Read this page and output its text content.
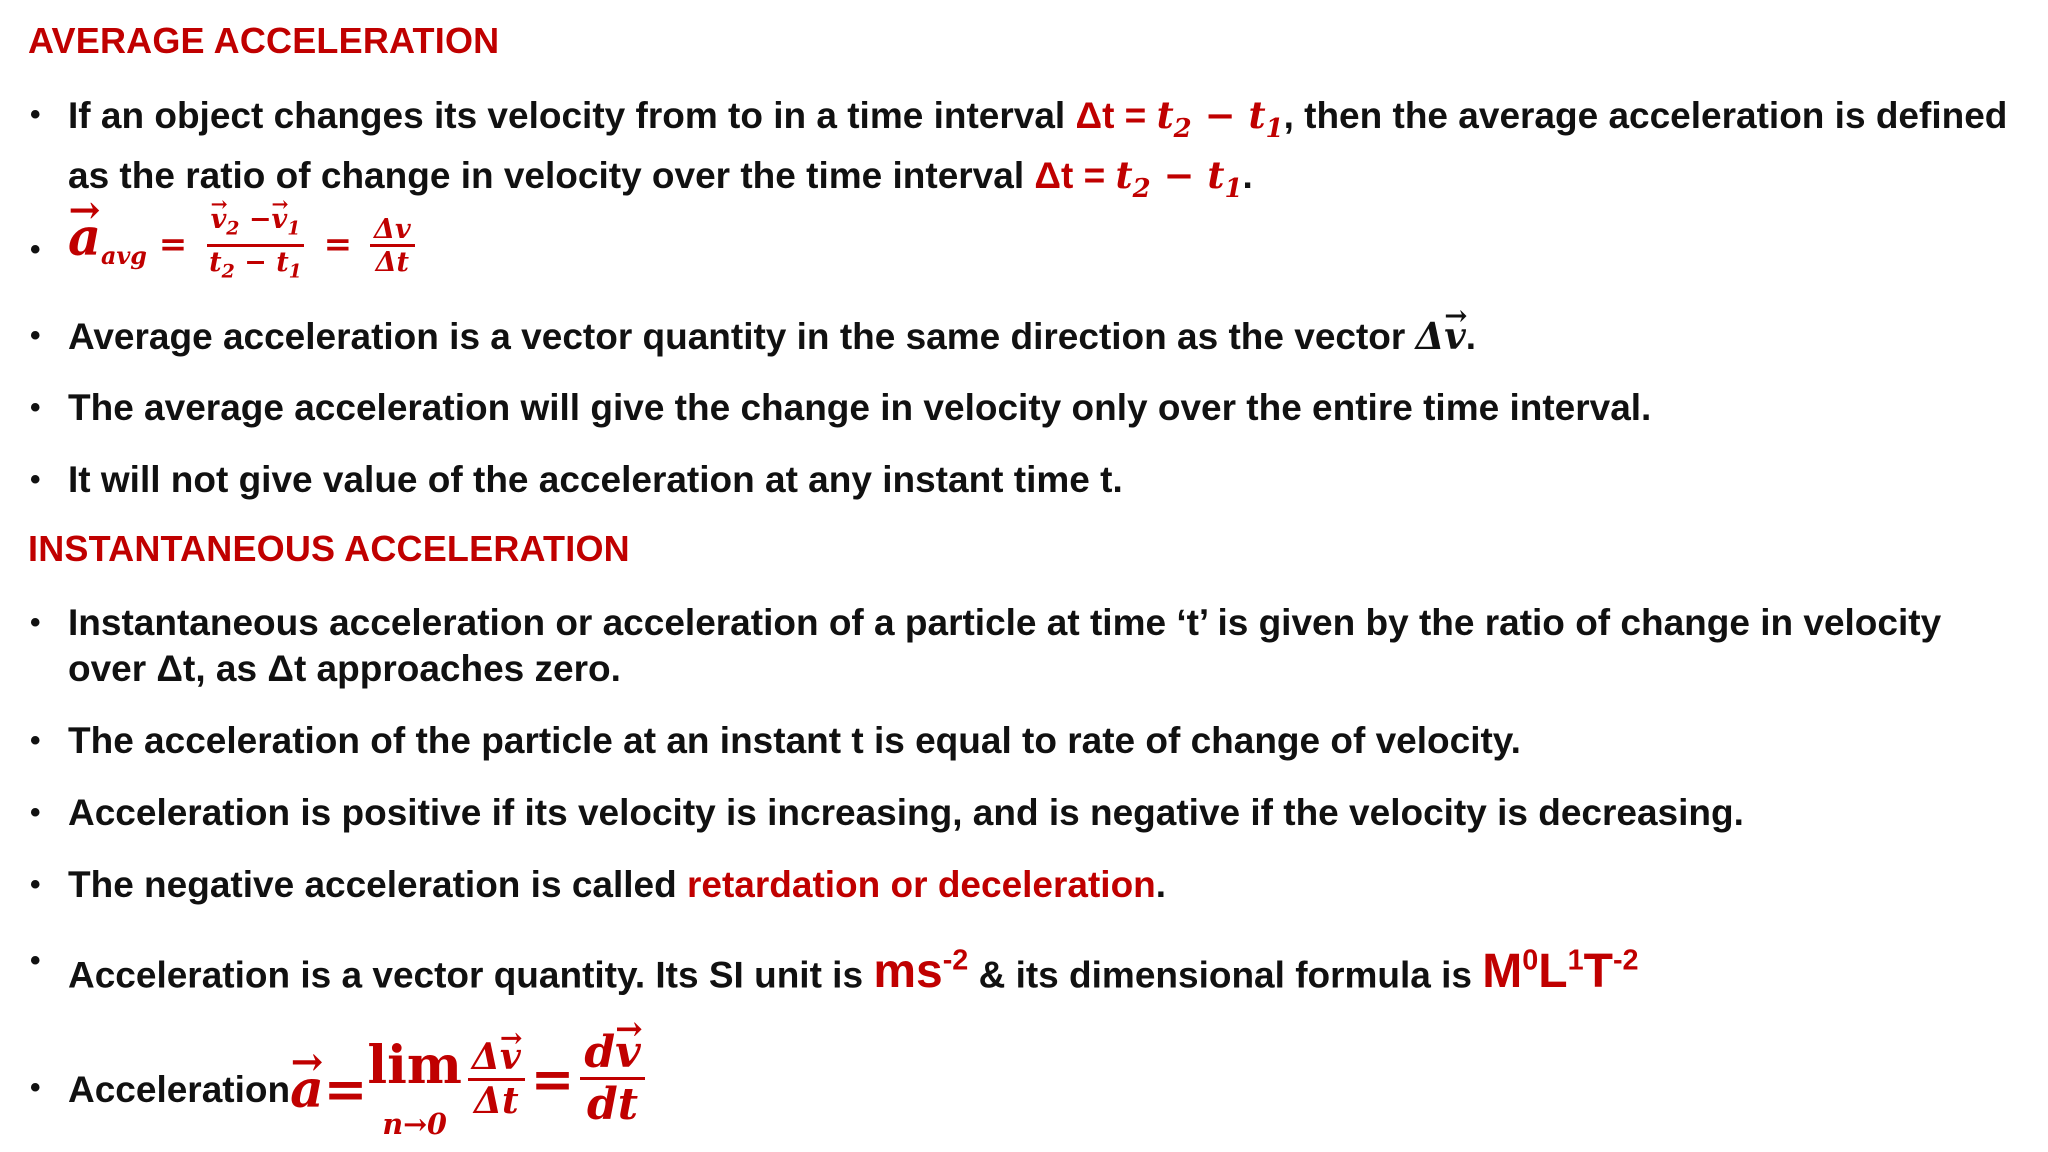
AVERAGE ACCELERATION
• If an object changes its velocity from to in a time interval $\Delta t = t_2 - t_1$, then the average acceleration is defined as the ratio of change in velocity over the time interval $\Delta t = t_2 - t_1$.
• → $a_{avg}$ = → $\frac{v_2 -\to v_1}{t_2 - t_1} = \frac{\Delta v}{\Delta t}$
• Average acceleration is a vector quantity in the same direction as the vector Δ→ v.
• The average acceleration will give the change in velocity only over the entire time interval.
• It will not give value of the acceleration at any instant time t.
INSTANTANEOUS ACCELERATION
• Instantaneous acceleration or acceleration of a particle at time ‘t’ is given by the ratio of change in velocity over Δt, as Δt approaches zero.
• The acceleration of the particle at an instant t is equal to rate of change of velocity.
• Acceleration is positive if its velocity is increasing, and is negative if the velocity is decreasing.
• The negative acceleration is called retardation or deceleration.
• Acceleration is a vector quantity. Its SI unit is $ms^{-2}$ & its dimensional formula is $M^0L^1T^{-2}$
• Acceleration → a = lim
n→0
$\frac{\Delta\to v}{\Delta t} = \frac{d\to v}{dt}$
